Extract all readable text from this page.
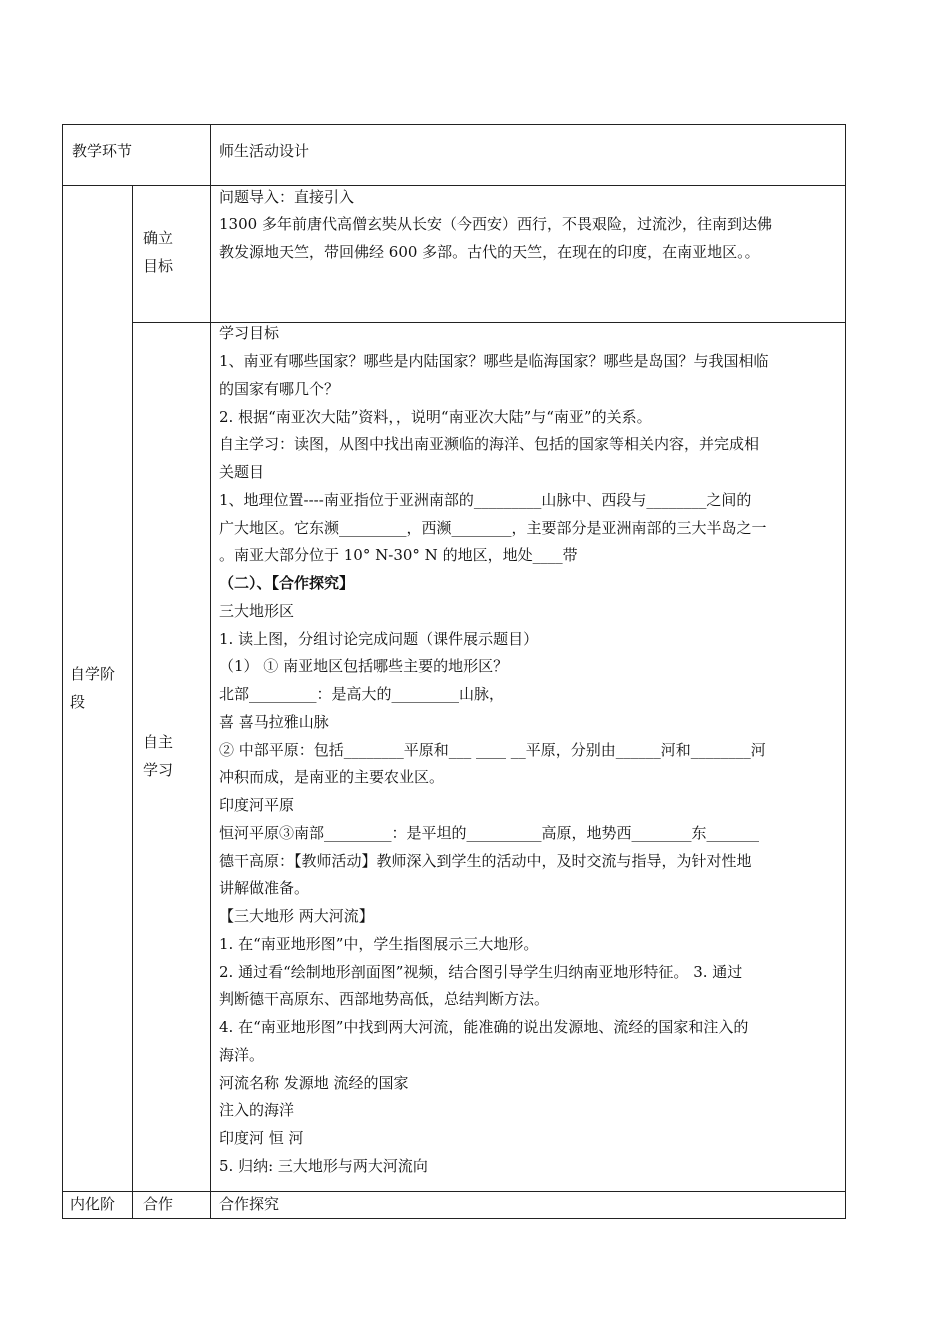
教学环节	师生活动设计
自学阶段
内化阶
确立目标
自主学习
合作
问题导入：直接引入
1300 多年前唐代高僧玄奘从长安（今西安）西行，不畏艰险，过流沙，往南到达佛
教发源地天竺，带回佛经 600 多部。古代的天竺，在现在的印度，在南亚地区。。
学习目标
1、南亚有哪些国家？哪些是内陆国家？哪些是临海国家？哪些是岛国？与我国相临
的国家有哪几个？
2. 根据“南亚次大陆”资料，，说明“南亚次大陆”与“南亚”的关系。
自主学习：读图，从图中找出南亚濒临的海洋、包括的国家等相关内容，并完成相
关题目
1、地理位置----南亚指位于亚洲南部的_________山脉中、西段与________之间的
广大地区。它东濒_________，西濒________，主要部分是亚洲南部的三大半岛之一
。南亚大部分位于 10° N-30° N 的地区，地处____带
（二）、【合作探究】
三大地形区
1. 读上图，分组讨论完成问题（课件展示题目）
（1） ① 南亚地区包括哪些主要的地形区？
北部_________：是高大的_________山脉，
喜 喜马拉雅山脉
② 中部平原：包括________平原和___ ____ __平原，分别由______河和________河
冲积而成，是南亚的主要农业区。
印度河平原
恒河平原③南部_________：是平坦的__________高原，地势西________东_______
德干高原：【教师活动】教师深入到学生的活动中，及时交流与指导，为针对性地
讲解做准备。
【三大地形 两大河流】
1. 在“南亚地形图”中，学生指图展示三大地形。
2. 通过看“绘制地形剖面图”视频，结合图引导学生归纳南亚地形特征。 3. 通过
判断德干高原东、西部地势高低，总结判断方法。
4. 在“南亚地形图”中找到两大河流，能准确的说出发源地、流经的国家和注入的
海洋。
河流名称 发源地 流经的国家
注入的海洋
印度河 恒 河
5. 归纳: 三大地形与两大河流向
合作探究
